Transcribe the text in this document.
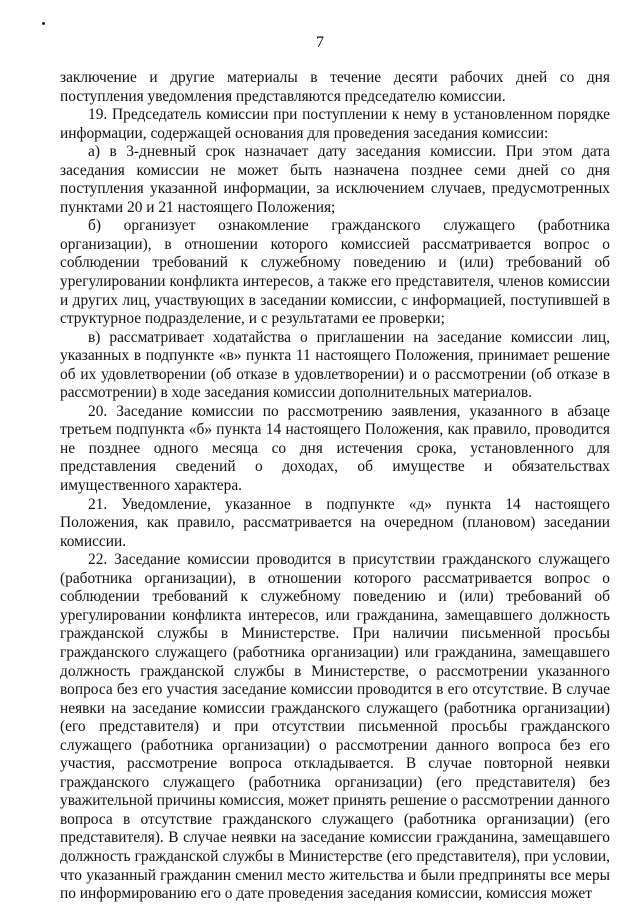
7

заключение и другие материалы в течение десяти рабочих дней со дня поступления уведомления представляются председателю комиссии.

19. Председатель комиссии при поступлении к нему в установленном порядке информации, содержащей основания для проведения заседания комиссии:

а) в 3-дневный срок назначает дату заседания комиссии. При этом дата заседания комиссии не может быть назначена позднее семи дней со дня поступления указанной информации, за исключением случаев, предусмотренных пунктами 20 и 21 настоящего Положения;

б) организует ознакомление гражданского служащего (работника организации), в отношении которого комиссией рассматривается вопрос о соблюдении требований к служебному поведению и (или) требований об урегулировании конфликта интересов, а также его представителя, членов комиссии и других лиц, участвующих в заседании комиссии, с информацией, поступившей в структурное подразделение, и с результатами ее проверки;

в) рассматривает ходатайства о приглашении на заседание комиссии лиц, указанных в подпункте «в» пункта 11 настоящего Положения, принимает решение об их удовлетворении (об отказе в удовлетворении) и о рассмотрении (об отказе в рассмотрении) в ходе заседания комиссии дополнительных материалов.

20. Заседание комиссии по рассмотрению заявления, указанного в абзаце третьем подпункта «б» пункта 14 настоящего Положения, как правило, проводится не позднее одного месяца со дня истечения срока, установленного для представления сведений о доходах, об имуществе и обязательствах имущественного характера.

21. Уведомление, указанное в подпункте «д» пункта 14 настоящего Положения, как правило, рассматривается на очередном (плановом) заседании комиссии.

22. Заседание комиссии проводится в присутствии гражданского служащего (работника организации), в отношении которого рассматривается вопрос о соблюдении требований к служебному поведению и (или) требований об урегулировании конфликта интересов, или гражданина, замещавшего должность гражданской службы в Министерстве. При наличии письменной просьбы гражданского служащего (работника организации) или гражданина, замещавшего должность гражданской службы в Министерстве, о рассмотрении указанного вопроса без его участия заседание комиссии проводится в его отсутствие. В случае неявки на заседание комиссии гражданского служащего (работника организации) (его представителя) и при отсутствии письменной просьбы гражданского служащего (работника организации) о рассмотрении данного вопроса без его участия, рассмотрение вопроса откладывается. В случае повторной неявки гражданского служащего (работника организации) (его представителя) без уважительной причины комиссия, может принять решение о рассмотрении данного вопроса в отсутствие гражданского служащего (работника организации) (его представителя). В случае неявки на заседание комиссии гражданина, замещавшего должность гражданской службы в Министерстве (его представителя), при условии, что указанный гражданин сменил место жительства и были предприняты все меры по информированию его о дате проведения заседания комиссии, комиссия может
